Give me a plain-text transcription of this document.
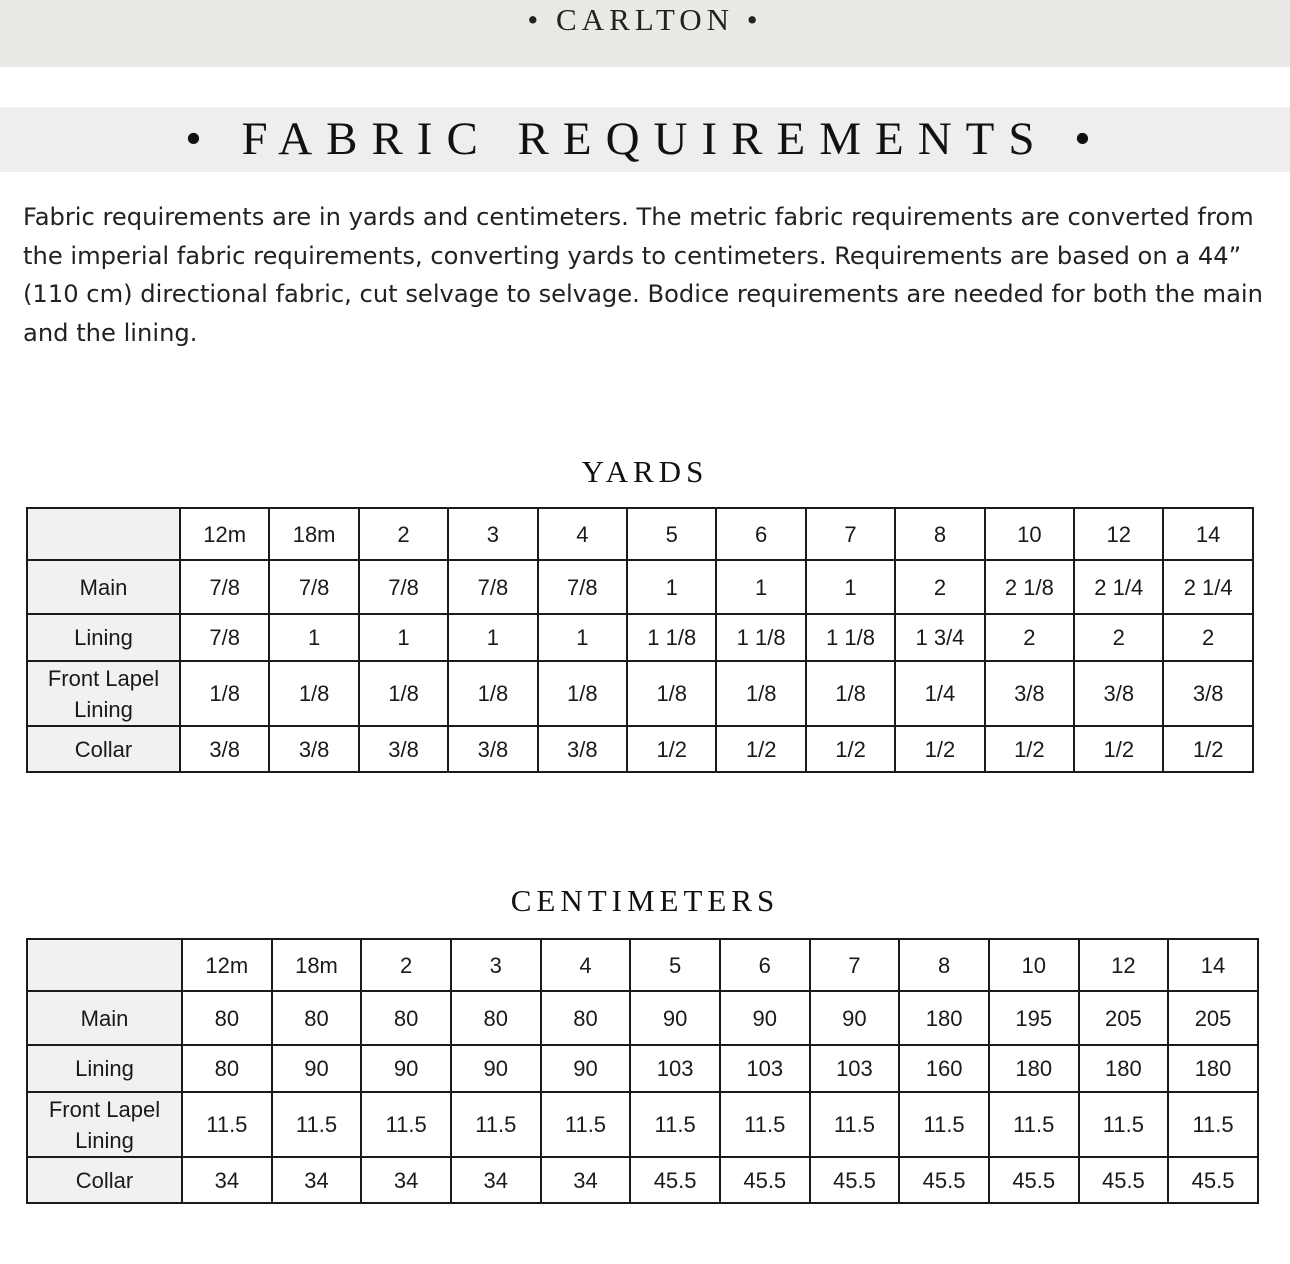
• CARLTON •
• FABRIC REQUIREMENTS •

Fabric requirements are in yards and centimeters. The metric fabric requirements are converted from the imperial fabric requirements, converting yards to centimeters. Requirements are based on a 44” (110 cm) directional fabric, cut selvage to selvage. Bodice requirements are needed for both the main and the lining.

YARDS
	12m	18m	2	3	4	5	6	7	8	10	12	14
Main	7/8	7/8	7/8	7/8	7/8	1	1	1	2	2 1/8	2 1/4	2 1/4
Lining	7/8	1	1	1	1	1 1/8	1 1/8	1 1/8	1 3/4	2	2	2
Front Lapel Lining	1/8	1/8	1/8	1/8	1/8	1/8	1/8	1/8	1/4	3/8	3/8	3/8
Collar	3/8	3/8	3/8	3/8	3/8	1/2	1/2	1/2	1/2	1/2	1/2	1/2
CENTIMETERS
	12m	18m	2	3	4	5	6	7	8	10	12	14
Main	80	80	80	80	80	90	90	90	180	195	205	205
Lining	80	90	90	90	90	103	103	103	160	180	180	180
Front Lapel Lining	11.5	11.5	11.5	11.5	11.5	11.5	11.5	11.5	11.5	11.5	11.5	11.5
Collar	34	34	34	34	34	45.5	45.5	45.5	45.5	45.5	45.5	45.5
